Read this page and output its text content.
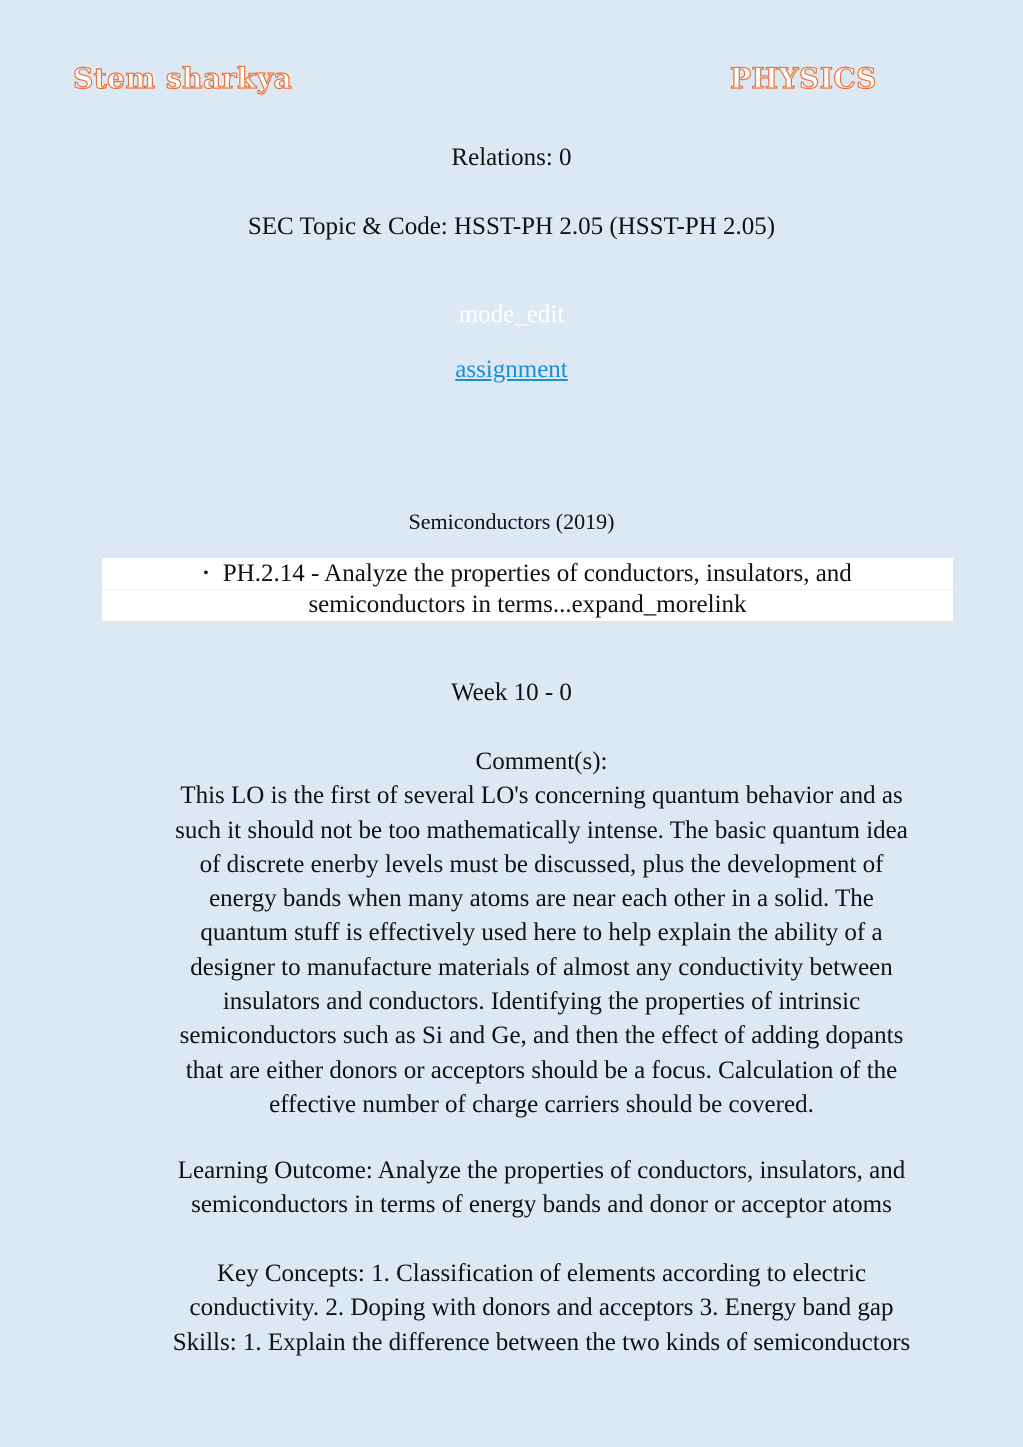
Stem sharkya	PHYSICS
Relations: 0
SEC Topic & Code: HSST-PH 2.05 (HSST-PH 2.05)
mode_edit
assignment
Semiconductors (2019)
• PH.2.14 - Analyze the properties of conductors, insulators, and
semiconductors in terms...expand_morelink
Week 10 - 0
Comment(s):
This LO is the first of several LO's concerning quantum behavior and as
such it should not be too mathematically intense. The basic quantum idea
of discrete enerby levels must be discussed, plus the development of
energy bands when many atoms are near each other in a solid. The
quantum stuff is effectively used here to help explain the ability of a
designer to manufacture materials of almost any conductivity between
insulators and conductors. Identifying the properties of intrinsic
semiconductors such as Si and Ge, and then the effect of adding dopants
that are either donors or acceptors should be a focus. Calculation of the
effective number of charge carriers should be covered.
Learning Outcome: Analyze the properties of conductors, insulators, and
semiconductors in terms of energy bands and donor or acceptor atoms
Key Concepts: 1. Classification of elements according to electric
conductivity. 2. Doping with donors and acceptors 3. Energy band gap
Skills: 1. Explain the difference between the two kinds of semiconductors
